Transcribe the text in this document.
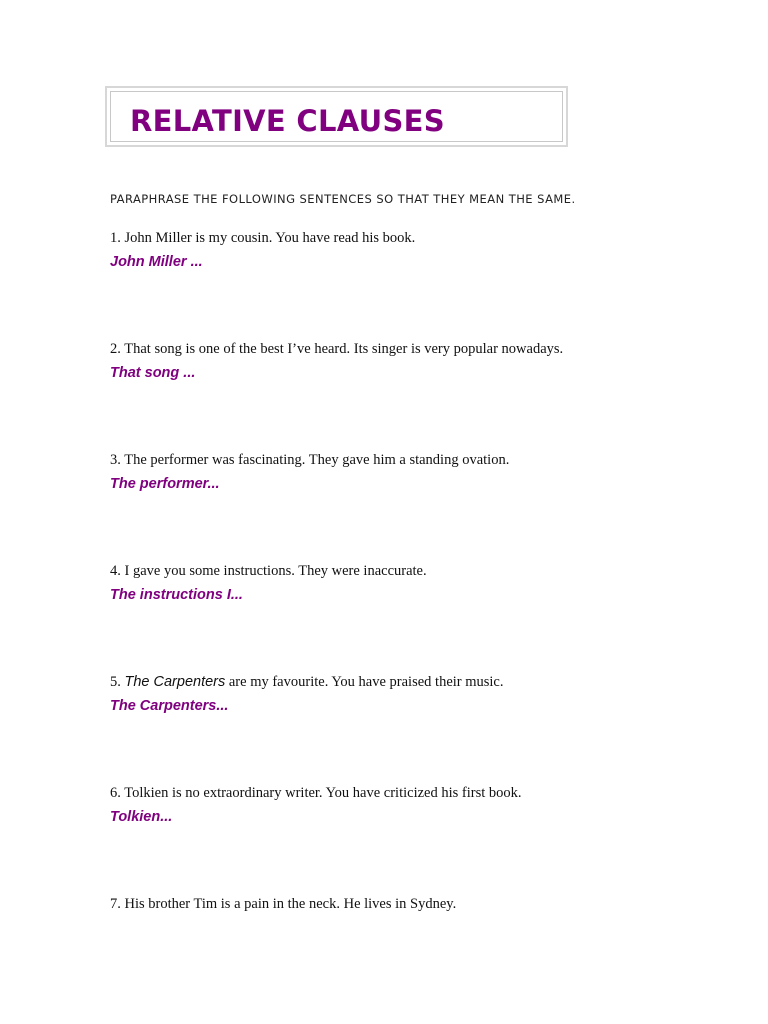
RELATIVE CLAUSES
PARAPHRASE THE FOLLOWING SENTENCES SO THAT THEY MEAN THE SAME.
1. John Miller is my cousin. You have read his book.
John Miller ...
2. That song is one of the best I’ve heard. Its singer is very popular nowadays.
That song ...
3. The performer was fascinating. They gave him a standing ovation.
The performer...
4. I gave you some instructions. They were inaccurate.
The instructions I...
5. The Carpenters are my favourite. You have praised their music.
The Carpenters...
6. Tolkien is no extraordinary writer. You have criticized his first book.
Tolkien...
7. His brother Tim is a pain in the neck. He lives in Sydney.
